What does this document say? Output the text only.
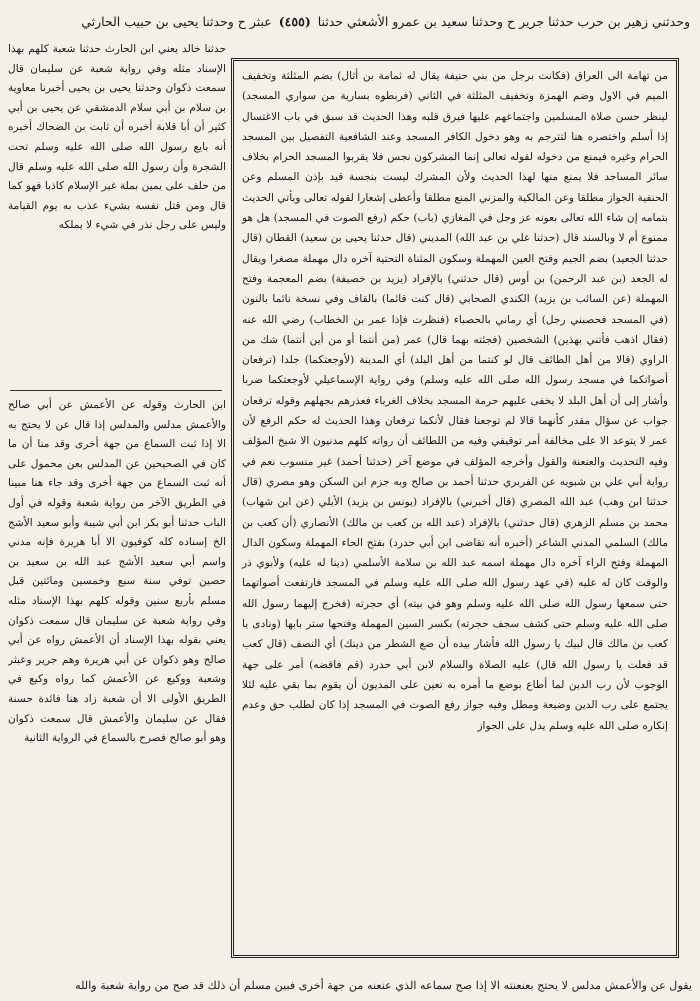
وحدثني زهير بن حرب حدثنا جرير ح وحدثنا سعيد بن عمرو الأشعثي حدثنا (٤٥٥) عبثر ح وحدثنا يحيى بن حبيب الحارثي

من تهامة الى العراق (فكانت برجل من بني حنيفة يقال له ثمامة بن أثال) بضم المثلثة وتخفيف الميم في الاول وضم الهمزة وتخفيف المثلثة في الثاني (فربطوه بسارية من سواري المسجد) لينظر حسن صلاة المسلمين واجتماعهم عليها فيرق قلبه وهذا الحديث قد سبق في باب الاغتسال إذا أسلم واختصره هنا لتترجم به وهو دخول الكافر المسجد وعند الشافعية التفصيل بين المسجد الحرام وغيره فيمنع من دخوله لقوله تعالى إنما المشركون نجس فلا يقربوا المسجد الحرام بخلاف سائر المساجد فلا يمنع منها لهذا الحديث ولأن المشرك ليست بنجسة قيد بإذن المسلم وعن الحنفية الجواز مطلقا وعن المالكية والمزني المنع مطلقا وأعطى إشعارا لقوله تعالى وبأتي الحديث بتمامه إن شاء الله تعالى بعونه عز وجل في المغازي (باب) حكم (رفع الصوت في المسجد) هل هو ممنوع أم لا وبالسند قال (حدثنا علي بن عبد الله) المديني (قال حدثنا يحيى بن سعيد) القطان (قال حدثنا الجعيد) بضم الجيم وفتح العين المهملة وسكون المثناة التحتية آخره دال مهملة مصغرا ويقال له الجعد (بن عبد الرحمن) بن أوس (قال حدثني) بالإفراد (يزيد بن خصيفة) بضم المعجمة وفتح المهملة (عن السائب بن يزيد) الكندي الصحابي (قال كنت قائما) بالقاف وفي نسخة نائما بالنون (في المسجد فحصبني رجل) أي رماني بالحصباء (فنظرت فإذا عمر بن الخطاب) رضي الله عنه (فقال اذهب فأتني بهذين) الشخصين (فجئته بهما قال) عمر (من أنتما أو من أين أنتما) شك من الراوي (قالا من أهل الطائف قال لو كنتما من أهل البلد) أي المدينة (لأوجعتكما) جلدا (ترفعان أصواتكما في مسجد رسول الله صلى الله عليه وسلم) وفي رواية الإسماعيلي لأوجعتكما ضربا وأشار إلى أن أهل البلد لا يخفى عليهم حرمة المسجد بخلاف الغرباء فعذرهم بجهلهم وقوله ترفعان جواب عن سؤال مقدر كأنهما قالا لم توجعنا فقال لأنكما ترفعان وهذا الحديث له حكم الرفع لأن عمر لا يتوعد الا على مخالفة أمر توقيفي وفيه من اللطائف أن رواته كلهم مدنيون الا شيخ المؤلف وفيه التحديث والعنعنة والقول وأخرجه المؤلف في موضع آخر (حدثنا أحمد) غير منسوب نعم في رواية أبي علي بن شبويه عن الفربري حدثنا أحمد بن صالح وبه جزم ابن السكن وهو مصري (قال حدثنا ابن وهب) عبد الله المصري (قال أخبرني) بالإفراد (يونس بن يزيد) الأيلي (عن ابن شهاب) محمد بن مسلم الزهري (قال حدثني) بالإفراد (عبد الله بن كعب بن مالك) الأنصاري (أن كعب بن مالك) السلمي المدني الشاعر (أخبره أنه تقاضى ابن أبي حدرد) بفتح الحاء المهملة وسكون الدال المهملة وفتح الراء آخره دال مهملة اسمه عبد الله بن سلامة الأسلمي (دينا له عليه) ولأبوي ذر والوقت كان له عليه (في عهد رسول الله صلى الله عليه وسلم في المسجد فارتفعت أصواتهما حتى سمعها رسول الله صلى الله عليه وسلم وهو في بيته) أي حجرته (فخرج إليهما رسول الله صلى الله عليه وسلم حتى كشف سجف حجرته) بكسر السين المهملة وفتحها ستر بابها (ونادى يا كعب بن مالك قال لبيك يا رسول الله فأشار بيده أن ضع الشطر من دينك) أي النصف (قال كعب قد فعلت يا رسول الله قال) عليه الصلاة والسلام لابن أبي حدرد (قم فاقضه) أمر على جهة الوجوب لأن رب الدين لما أطاع بوضع ما أمره به تعين على المديون أن يقوم بما بقي عليه لئلا يجتمع على رب الدين وضيعة ومطل وفيه جواز رفع الصوت في المسجد إذا كان لطلب حق وعدم إنكاره صلى الله عليه وسلم يدل على الجواز

حدثنا خالد يعني ابن الحارث حدثنا شعبة كلهم بهذا الإسناد مثله وفي رواية شعبة عن سليمان قال سمعت ذكوان وحدثنا يحيى بن يحيى أخبرنا معاوية بن سلام بن أبي سلام الدمشقي عن يحيى بن أبي كثير أن أبا قلابة أخبره أن ثابت بن الضحاك أخبره أنه بايع رسول الله صلى الله عليه وسلم تحت الشجرة وأن رسول الله صلى الله عليه وسلم قال من حلف على يمين بملة غير الإسلام كاذبا فهو كما قال ومن قتل نفسه بشيء عذب به يوم القيامة وليس على رجل نذر في شيء لا يملكه
ابن الحارث وقوله عن الأعمش عن أبي صالح والأعمش مدلس والمدلس إذا قال عن لا يحتج به الا إذا ثبت السماع من جهة أخرى وقد منا أن ما كان في الصحيحين عن المدلس بعن محمول على أنه ثبت السماع من جهة أخرى وقد جاء هنا مبينا في الطريق الآخر من رواية شعبة وقوله في أول الباب حدثنا أبو بكر ابن أبي شيبة وأبو سعيد الأشج الخ إسناده كله كوفيون الا أبا هريرة فإنه مدني واسم أبي سعيد الأشج عبد الله بن سعيد بن حصين توفي سنة سبع وخمسين ومائتين قبل مسلم بأربع سنين وقوله كلهم بهذا الإسناد مثله وفي رواية شعبة عن سليمان قال سمعت ذكوان يعني بقوله بهذا الإسناد أن الأعمش رواه عن أبي صالح وهو ذكوان عن أبي هريرة وهم جرير وعبثر وشعبة ووكيع عن الأعمش كما رواه وكيع في الطريق الأولى الا أن شعبة زاد هنا فائدة حسنة فقال عن سليمان والأعمش قال سمعت ذكوان وهو أبو صالح فصرح بالسماع في الرواية الثانية
يقول عن والأعمش مدلس لا يحتج بعنعنته الا إذا صح سماعه الذي عنعنه من جهة أخرى فبين مسلم أن ذلك قد صح من رواية شعبة والله
